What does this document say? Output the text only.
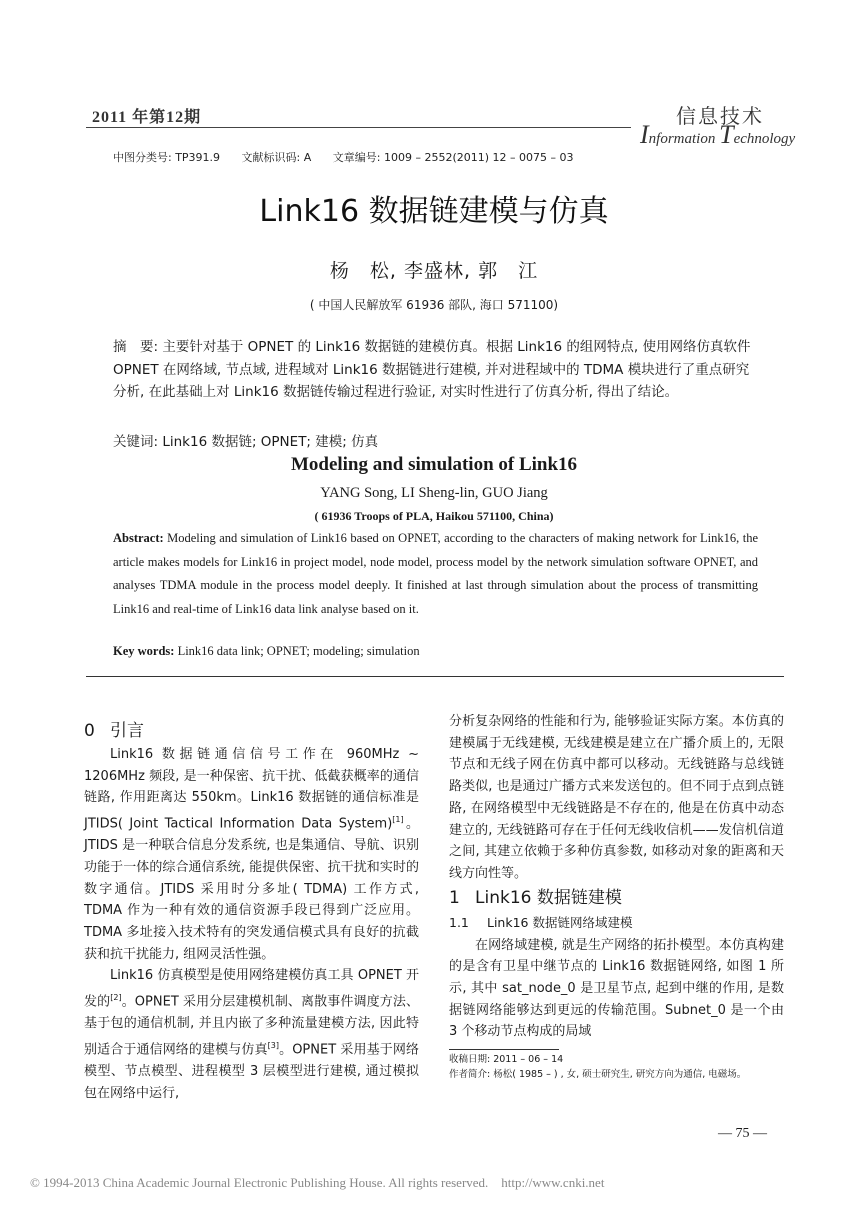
2011 年第12期	信息技术
Information Technology
中图分类号: TP391.9 文献标识码: A 文章编号: 1009 – 2552(2011) 12 – 0075 – 03
Link16 数据链建模与仿真
杨　松, 李盛林, 郭　江
( 中国人民解放军 61936 部队, 海口 571100)
摘　要: 主要针对基于 OPNET 的 Link16 数据链的建模仿真。根据 Link16 的组网特点, 使用网络仿真软件 OPNET 在网络域, 节点域, 进程域对 Link16 数据链进行建模, 并对进程域中的 TDMA 模块进行了重点研究分析, 在此基础上对 Link16 数据链传输过程进行验证, 对实时性进行了仿真分析, 得出了结论。
关键词: Link16 数据链; OPNET; 建模; 仿真
Modeling and simulation of Link16
YANG Song, LI Sheng-lin, GUO Jiang
( 61936 Troops of PLA, Haikou 571100, China)
Abstract: Modeling and simulation of Link16 based on OPNET, according to the characters of making network for Link16, the article makes models for Link16 in project model, node model, process model by the network simulation software OPNET, and analyses TDMA module in the process model deeply. It finished at last through simulation about the process of transmitting Link16 and real-time of Link16 data link analyse based on it.
Key words: Link16 data link; OPNET; modeling; simulation
0 引言

Link16 数据链通信信号工作在 960MHz ~ 1206MHz 频段, 是一种保密、抗干扰、低截获概率的通信链路, 作用距离达 550km。Link16 数据链的通信标准是 JTIDS( Joint Tactical Information Data System)[1]。JTIDS 是一种联合信息分发系统, 也是集通信、导航、识别功能于一体的综合通信系统, 能提供保密、抗干扰和实时的数字通信。JTIDS 采用时分多址( TDMA) 工作方式, TDMA 作为一种有效的通信资源手段已得到广泛应用。TDMA 多址接入技术特有的突发通信模式具有良好的抗截获和抗干扰能力, 组网灵活性强。

Link16 仿真模型是使用网络建模仿真工具 OPNET 开发的[2]。OPNET 采用分层建模机制、离散事件调度方法、基于包的通信机制, 并且内嵌了多种流量建模方法, 因此特别适合于通信网络的建模与仿真[3]。OPNET 采用基于网络模型、节点模型、进程模型 3 层模型进行建模, 通过模拟包在网络中运行,

分析复杂网络的性能和行为, 能够验证实际方案。本仿真的建模属于无线建模, 无线建模是建立在广播介质上的, 无限节点和无线子网在仿真中都可以移动。无线链路与总线链路类似, 也是通过广播方式来发送包的。但不同于点到点链路, 在网络模型中无线链路是不存在的, 他是在仿真中动态建立的, 无线链路可存在于任何无线收信机——发信机信道之间, 其建立依赖于多种仿真参数, 如移动对象的距离和天线方向性等。

1 Link16 数据链建模
1.1 Link16 数据链网络域建模

在网络域建模, 就是生产网络的拓扑模型。本仿真构建的是含有卫星中继节点的 Link16 数据链网络, 如图 1 所示, 其中 sat_node_0 是卫星节点, 起到中继的作用, 是数据链网络能够达到更远的传输范围。Subnet_0 是一个由 3 个移动节点构成的局域

收稿日期: 2011 – 06 – 14
作者简介: 杨松( 1985 – ) , 女, 硕士研究生, 研究方向为通信, 电磁场。
— 75 —
© 1994-2013 China Academic Journal Electronic Publishing House. All rights reserved.　http://www.cnki.net
